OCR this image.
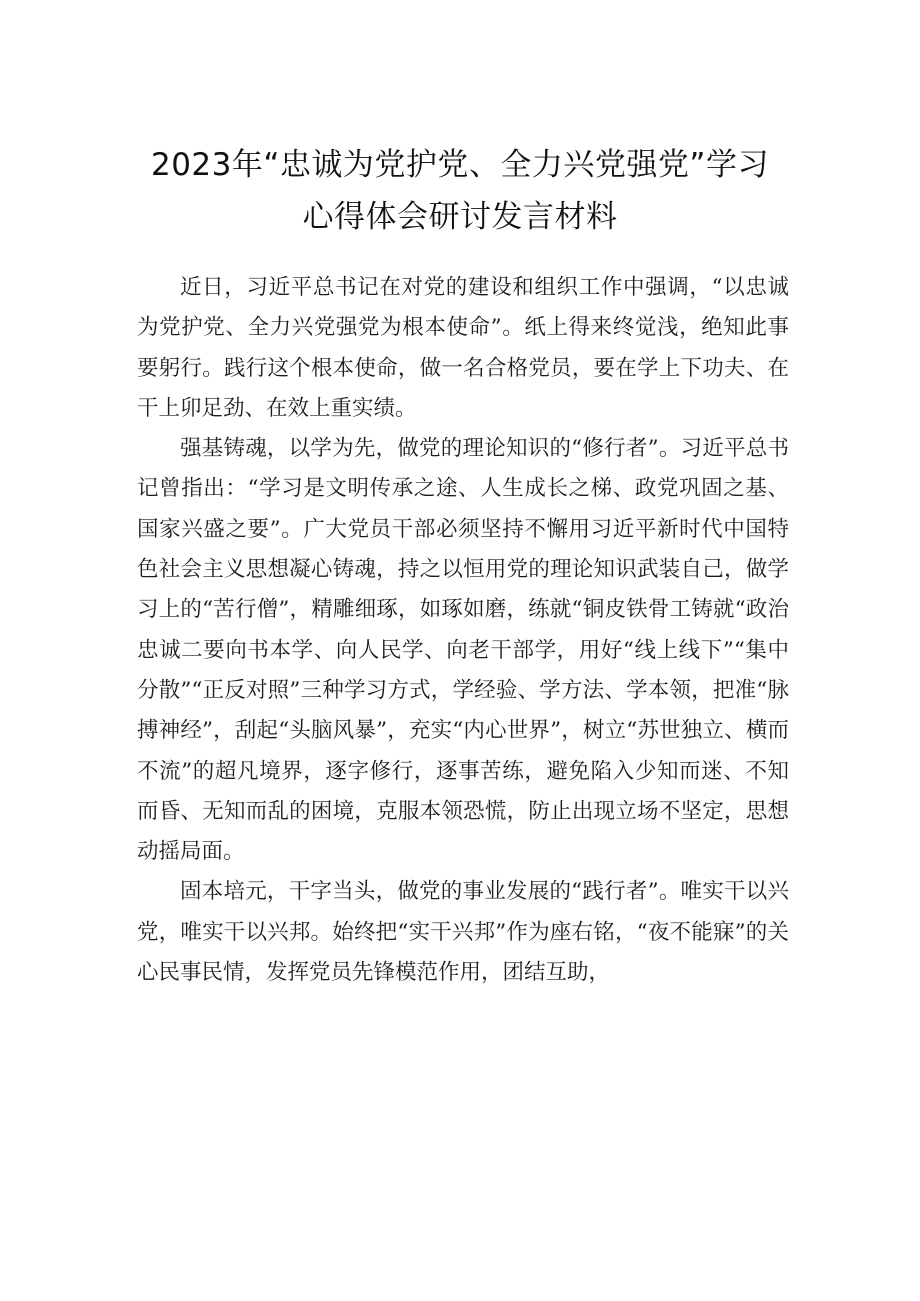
2023年“忠诚为党护党、全力兴党强党”学习
心得体会研讨发言材料

近日，习近平总书记在对党的建设和组织工作中强调，“以忠诚为党护党、全力兴党强党为根本使命”。纸上得来终觉浅，绝知此事要躬行。践行这个根本使命，做一名合格党员，要在学上下功夫、在干上卯足劲、在效上重实绩。

强基铸魂，以学为先，做党的理论知识的“修行者”。习近平总书记曾指出：“学习是文明传承之途、人生成长之梯、政党巩固之基、国家兴盛之要”。广大党员干部必须坚持不懈用习近平新时代中国特色社会主义思想凝心铸魂，持之以恒用党的理论知识武装自己，做学习上的“苦行僧”，精雕细琢，如琢如磨，练就“铜皮铁骨工铸就“政治忠诚二要向书本学、向人民学、向老干部学，用好“线上线下”“集中分散”“正反对照”三种学习方式，学经验、学方法、学本领，把准“脉搏神经”，刮起“头脑风暴”，充实“内心世界”，树立“苏世独立、横而不流”的超凡境界，逐字修行，逐事苦练，避免陷入少知而迷、不知而昏、无知而乱的困境，克服本领恐慌，防止出现立场不坚定，思想动摇局面。

固本培元，干字当头，做党的事业发展的“践行者”。唯实干以兴党，唯实干以兴邦。始终把“实干兴邦”作为座右铭，“夜不能寐”的关心民事民情，发挥党员先锋模范作用，团结互助，
